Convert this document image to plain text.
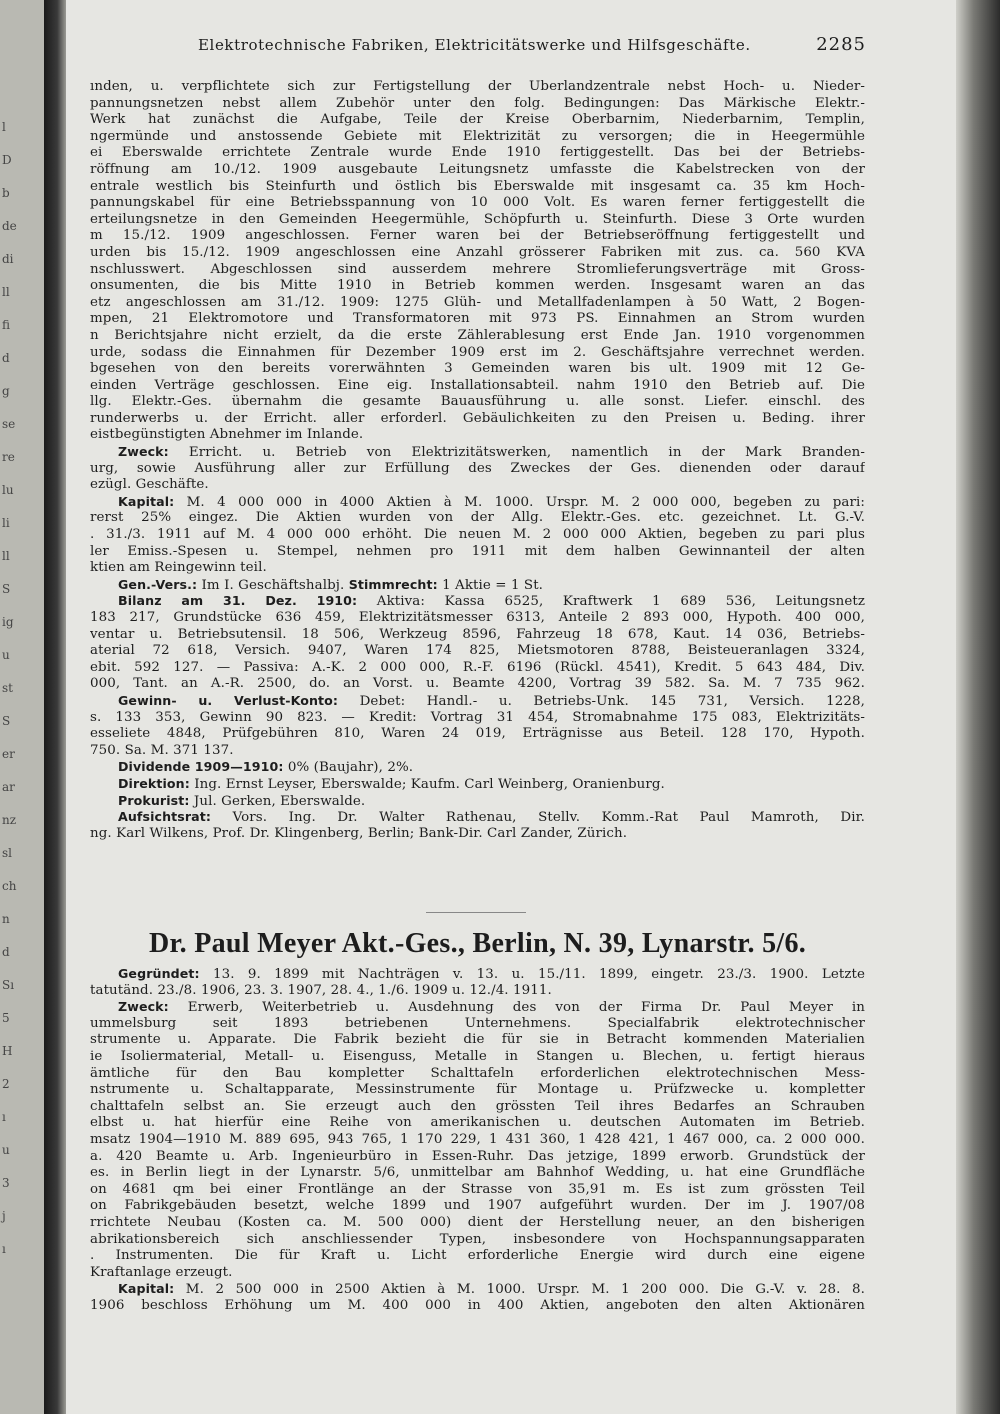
l
D
b
de
di
ll
fi
d
g
se
re
lu
li
ll
S
ig
u
st
S
er
ar
nz
sl
ch
n
d
Sı
5
H
2
ı
u
3
j
ı
Elektrotechnische Fabriken, Elektricitätswerke und Hilfsgeschäfte.	2285
ınden, u. verpflichtete sich zur Fertigstellung der Überlandzentrale nebst Hoch- u. Nieder-
pannungsnetzen nebst allem Zubehör unter den folg. Bedingungen: Das Märkische Elektr.-
Werk hat zunächst die Aufgabe, Teile der Kreise Oberbarnim, Niederbarnim, Templin,
ngermünde und anstossende Gebiete mit Elektrizität zu versorgen; die in Heegermühle
ei Eberswalde errichtete Zentrale wurde Ende 1910 fertiggestellt. Das bei der Betriebs-
röffnung am 10./12. 1909 ausgebaute Leitungsnetz umfasste die Kabelstrecken von der
entrale westlich bis Steinfurth und östlich bis Eberswalde mit insgesamt ca. 35 km Hoch-
pannungskabel für eine Betriebsspannung von 10 000 Volt. Es waren ferner fertiggestellt die
erteilungsnetze in den Gemeinden Heegermühle, Schöpfurth u. Steinfurth. Diese 3 Orte wurden
m 15./12. 1909 angeschlossen. Ferner waren bei der Betriebseröffnung fertiggestellt und
urden bis 15./12. 1909 angeschlossen eine Anzahl grösserer Fabriken mit zus. ca. 560 KVA
nschlusswert. Abgeschlossen sind ausserdem mehrere Stromlieferungsverträge mit Gross-
onsumenten, die bis Mitte 1910 in Betrieb kommen werden. Insgesamt waren an das
etz angeschlossen am 31./12. 1909: 1275 Glüh- und Metallfadenlampen à 50 Watt, 2 Bogen-
mpen, 21 Elektromotore und Transformatoren mit 973 PS. Einnahmen an Strom wurden
n Berichtsjahre nicht erzielt, da die erste Zählerablesung erst Ende Jan. 1910 vorgenommen
urde, sodass die Einnahmen für Dezember 1909 erst im 2. Geschäftsjahre verrechnet werden.
bgesehen von den bereits vorerwähnten 3 Gemeinden waren bis ult. 1909 mit 12 Ge-
einden Verträge geschlossen. Eine eig. Installationsabteil. nahm 1910 den Betrieb auf. Die
llg. Elektr.-Ges. übernahm die gesamte Bauausführung u. alle sonst. Liefer. einschl. des
runderwerbs u. der Erricht. aller erforderl. Gebäulichkeiten zu den Preisen u. Beding. ihrer
eistbegünstigten Abnehmer im Inlande.
Zweck: Erricht. u. Betrieb von Elektrizitätswerken, namentlich in der Mark Branden-
urg, sowie Ausführung aller zur Erfüllung des Zweckes der Ges. dienenden oder darauf
ezügl. Geschäfte.
Kapital: M. 4 000 000 in 4000 Aktien à M. 1000. Urspr. M. 2 000 000, begeben zu pari:
rerst 25% eingez. Die Aktien wurden von der Allg. Elektr.-Ges. etc. gezeichnet. Lt. G.-V.
. 31./3. 1911 auf M. 4 000 000 erhöht. Die neuen M. 2 000 000 Aktien, begeben zu pari plus
ler Emiss.-Spesen u. Stempel, nehmen pro 1911 mit dem halben Gewinnanteil der alten
ktien am Reingewinn teil.
Gen.-Vers.: Im I. Geschäftshalbj. Stimmrecht: 1 Aktie = 1 St.
Bilanz am 31. Dez. 1910: Aktiva: Kassa 6525, Kraftwerk 1 689 536, Leitungsnetz
183 217, Grundstücke 636 459, Elektrizitätsmesser 6313, Anteile 2 893 000, Hypoth. 400 000,
ventar u. Betriebsutensil. 18 506, Werkzeug 8596, Fahrzeug 18 678, Kaut. 14 036, Betriebs-
aterial 72 618, Versich. 9407, Waren 174 825, Mietsmotoren 8788, Beisteueranlagen 3324,
ebit. 592 127. — Passiva: A.-K. 2 000 000, R.-F. 6196 (Rückl. 4541), Kredit. 5 643 484, Div.
000, Tant. an A.-R. 2500, do. an Vorst. u. Beamte 4200, Vortrag 39 582. Sa. M. 7 735 962.
Gewinn- u. Verlust-Konto: Debet: Handl.- u. Betriebs-Unk. 145 731, Versich. 1228,
s. 133 353, Gewinn 90 823. — Kredit: Vortrag 31 454, Stromabnahme 175 083, Elektrizitäts-
esseliete 4848, Prüfgebühren 810, Waren 24 019, Erträgnisse aus Beteil. 128 170, Hypoth.
750. Sa. M. 371 137.
Dividende 1909—1910: 0% (Baujahr), 2%.
Direktion: Ing. Ernst Leyser, Eberswalde; Kaufm. Carl Weinberg, Oranienburg.
Prokurist: Jul. Gerken, Eberswalde.
Aufsichtsrat: Vors. Ing. Dr. Walter Rathenau, Stellv. Komm.-Rat Paul Mamroth, Dir.
ng. Karl Wilkens, Prof. Dr. Klingenberg, Berlin; Bank-Dir. Carl Zander, Zürich.
Dr. Paul Meyer Akt.-Ges., Berlin, N. 39, Lynarstr. 5/6.
Gegründet: 13. 9. 1899 mit Nachträgen v. 13. u. 15./11. 1899, eingetr. 23./3. 1900. Letzte
tatutänd. 23./8. 1906, 23. 3. 1907, 28. 4., 1./6. 1909 u. 12./4. 1911.
Zweck: Erwerb, Weiterbetrieb u. Ausdehnung des von der Firma Dr. Paul Meyer in
ummelsburg seit 1893 betriebenen Unternehmens. Specialfabrik elektrotechnischer
strumente u. Apparate. Die Fabrik bezieht die für sie in Betracht kommenden Materialien
ie Isoliermaterial, Metall- u. Eisenguss, Metalle in Stangen u. Blechen, u. fertigt hieraus
ämtliche für den Bau kompletter Schalttafeln erforderlichen elektrotechnischen Mess-
nstrumente u. Schaltapparate, Messinstrumente für Montage u. Prüfzwecke u. kompletter
chalttafeln selbst an. Sie erzeugt auch den grössten Teil ihres Bedarfes an Schrauben
elbst u. hat hierfür eine Reihe von amerikanischen u. deutschen Automaten im Betrieb.
msatz 1904—1910 M. 889 695, 943 765, 1 170 229, 1 431 360, 1 428 421, 1 467 000, ca. 2 000 000.
a. 420 Beamte u. Arb. Ingenieurbüro in Essen-Ruhr. Das jetzige, 1899 erworb. Grundstück der
es. in Berlin liegt in der Lynarstr. 5/6, unmittelbar am Bahnhof Wedding, u. hat eine Grundfläche
on 4681 qm bei einer Frontlänge an der Strasse von 35,91 m. Es ist zum grössten Teil
on Fabrikgebäuden besetzt, welche 1899 und 1907 aufgeführt wurden. Der im J. 1907/08
rrichtete Neubau (Kosten ca. M. 500 000) dient der Herstellung neuer, an den bisherigen
abrikationsbereich sich anschliessender Typen, insbesondere von Hochspannungsapparaten
. Instrumenten. Die für Kraft u. Licht erforderliche Energie wird durch eine eigene
Kraftanlage erzeugt.
Kapital: M. 2 500 000 in 2500 Aktien à M. 1000. Urspr. M. 1 200 000. Die G.-V. v. 28. 8.
1906 beschloss Erhöhung um M. 400 000 in 400 Aktien, angeboten den alten Aktionären
